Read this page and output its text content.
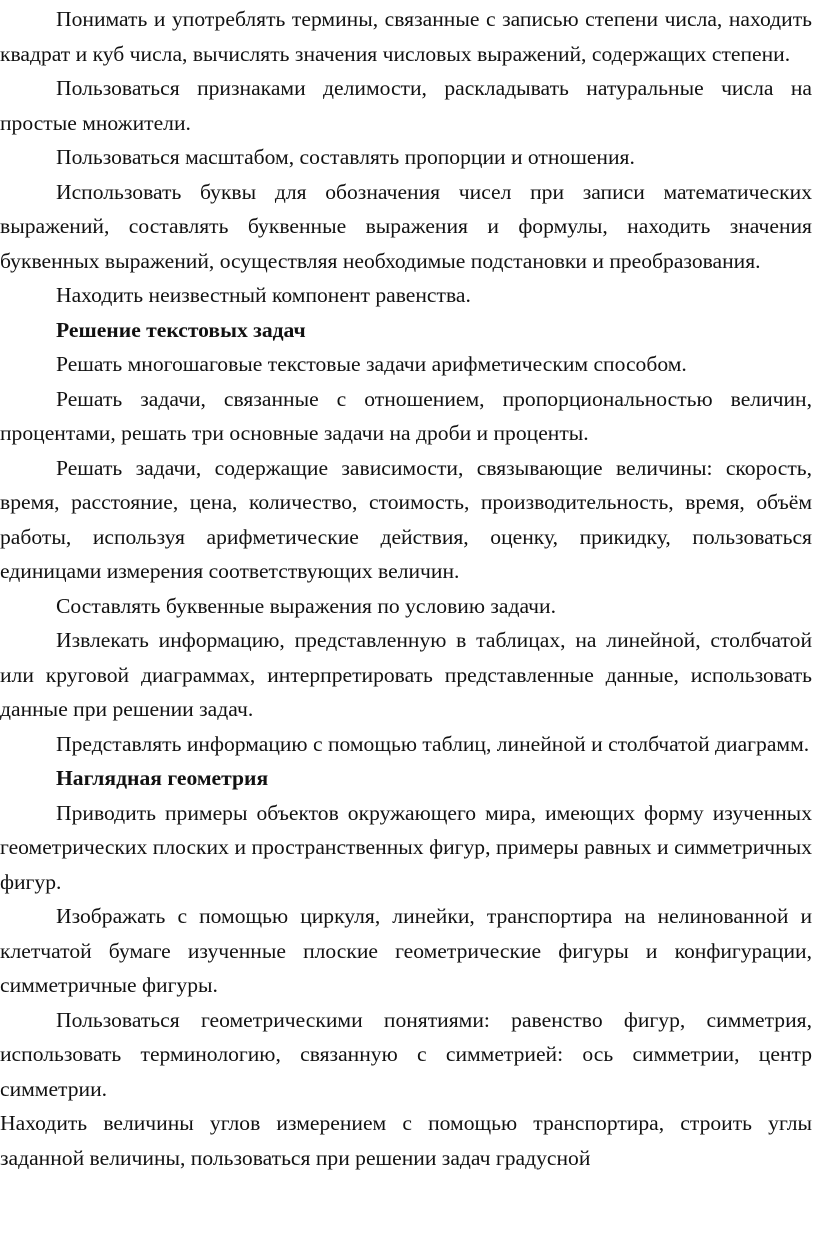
Понимать и употреблять термины, связанные с записью степени числа, находить квадрат и куб числа, вычислять значения числовых выражений, содержащих степени.

Пользоваться признаками делимости, раскладывать натуральные числа на простые множители.

Пользоваться масштабом, составлять пропорции и отношения.

Использовать буквы для обозначения чисел при записи математических выражений, составлять буквенные выражения и формулы, находить значения буквенных выражений, осуществляя необходимые подстановки и преобразования.

Находить неизвестный компонент равенства.

Решение текстовых задач

Решать многошаговые текстовые задачи арифметическим способом.

Решать задачи, связанные с отношением, пропорциональностью величин, процентами, решать три основные задачи на дроби и проценты.

Решать задачи, содержащие зависимости, связывающие величины: скорость, время, расстояние, цена, количество, стоимость, производительность, время, объём работы, используя арифметические действия, оценку, прикидку, пользоваться единицами измерения соответствующих величин.

Составлять буквенные выражения по условию задачи.

Извлекать информацию, представленную в таблицах, на линейной, столбчатой или круговой диаграммах, интерпретировать представленные данные, использовать данные при решении задач.

Представлять информацию с помощью таблиц, линейной и столбчатой диаграмм.

Наглядная геометрия

Приводить примеры объектов окружающего мира, имеющих форму изученных геометрических плоских и пространственных фигур, примеры равных и симметричных фигур.

Изображать с помощью циркуля, линейки, транспортира на нелинованной и клетчатой бумаге изученные плоские геометрические фигуры и конфигурации, симметричные фигуры.

Пользоваться геометрическими понятиями: равенство фигур, симметрия, использовать терминологию, связанную с симметрией: ось симметрии, центр симметрии.

Находить величины углов измерением с помощью транспортира, строить углы заданной величины, пользоваться при решении задач градусной
